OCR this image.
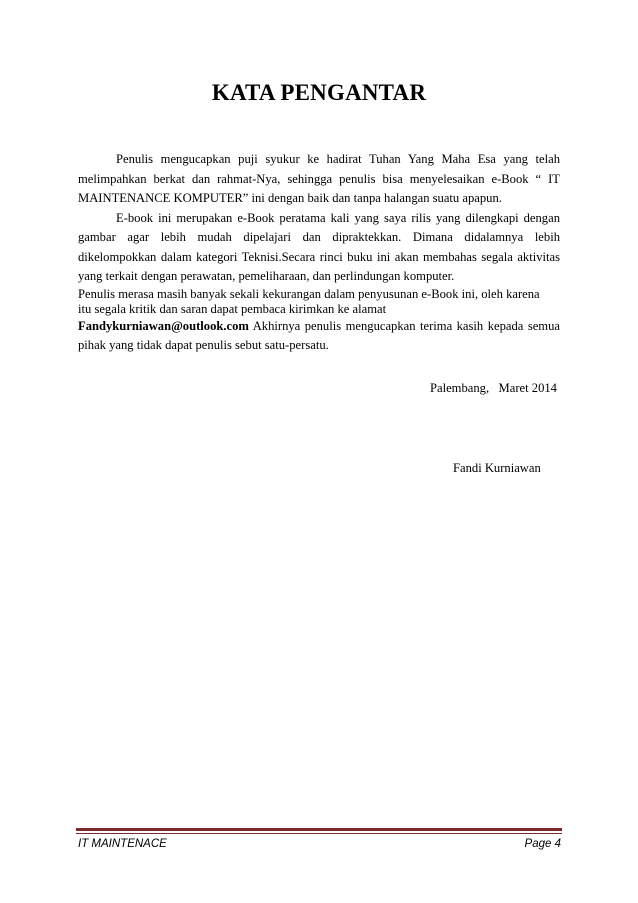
KATA PENGANTAR

Penulis mengucapkan puji syukur ke hadirat Tuhan Yang Maha Esa yang telah melimpahkan berkat dan rahmat-Nya, sehingga penulis bisa menyelesaikan e-Book “ IT MAINTENANCE KOMPUTER” ini dengan baik dan tanpa halangan suatu apapun.

E-book ini merupakan e-Book peratama kali yang saya rilis yang dilengkapi dengan gambar agar lebih mudah dipelajari dan dipraktekkan. Dimana didalamnya lebih dikelompokkan dalam kategori Teknisi.Secara rinci buku ini akan membahas segala aktivitas yang terkait dengan perawatan, pemeliharaan, dan perlindungan komputer.

Penulis merasa masih banyak sekali kekurangan dalam penyusunan e-Book ini, oleh karena

itu segala kritik dan saran dapat pembaca kirimkan ke alamat

Fandykurniawan@outlook.com Akhirnya penulis mengucapkan terima kasih kepada semua pihak yang tidak dapat penulis sebut satu-persatu.

Palembang,   Maret 2014
Fandi Kurniawan
IT MAINTENACE	Page 4
